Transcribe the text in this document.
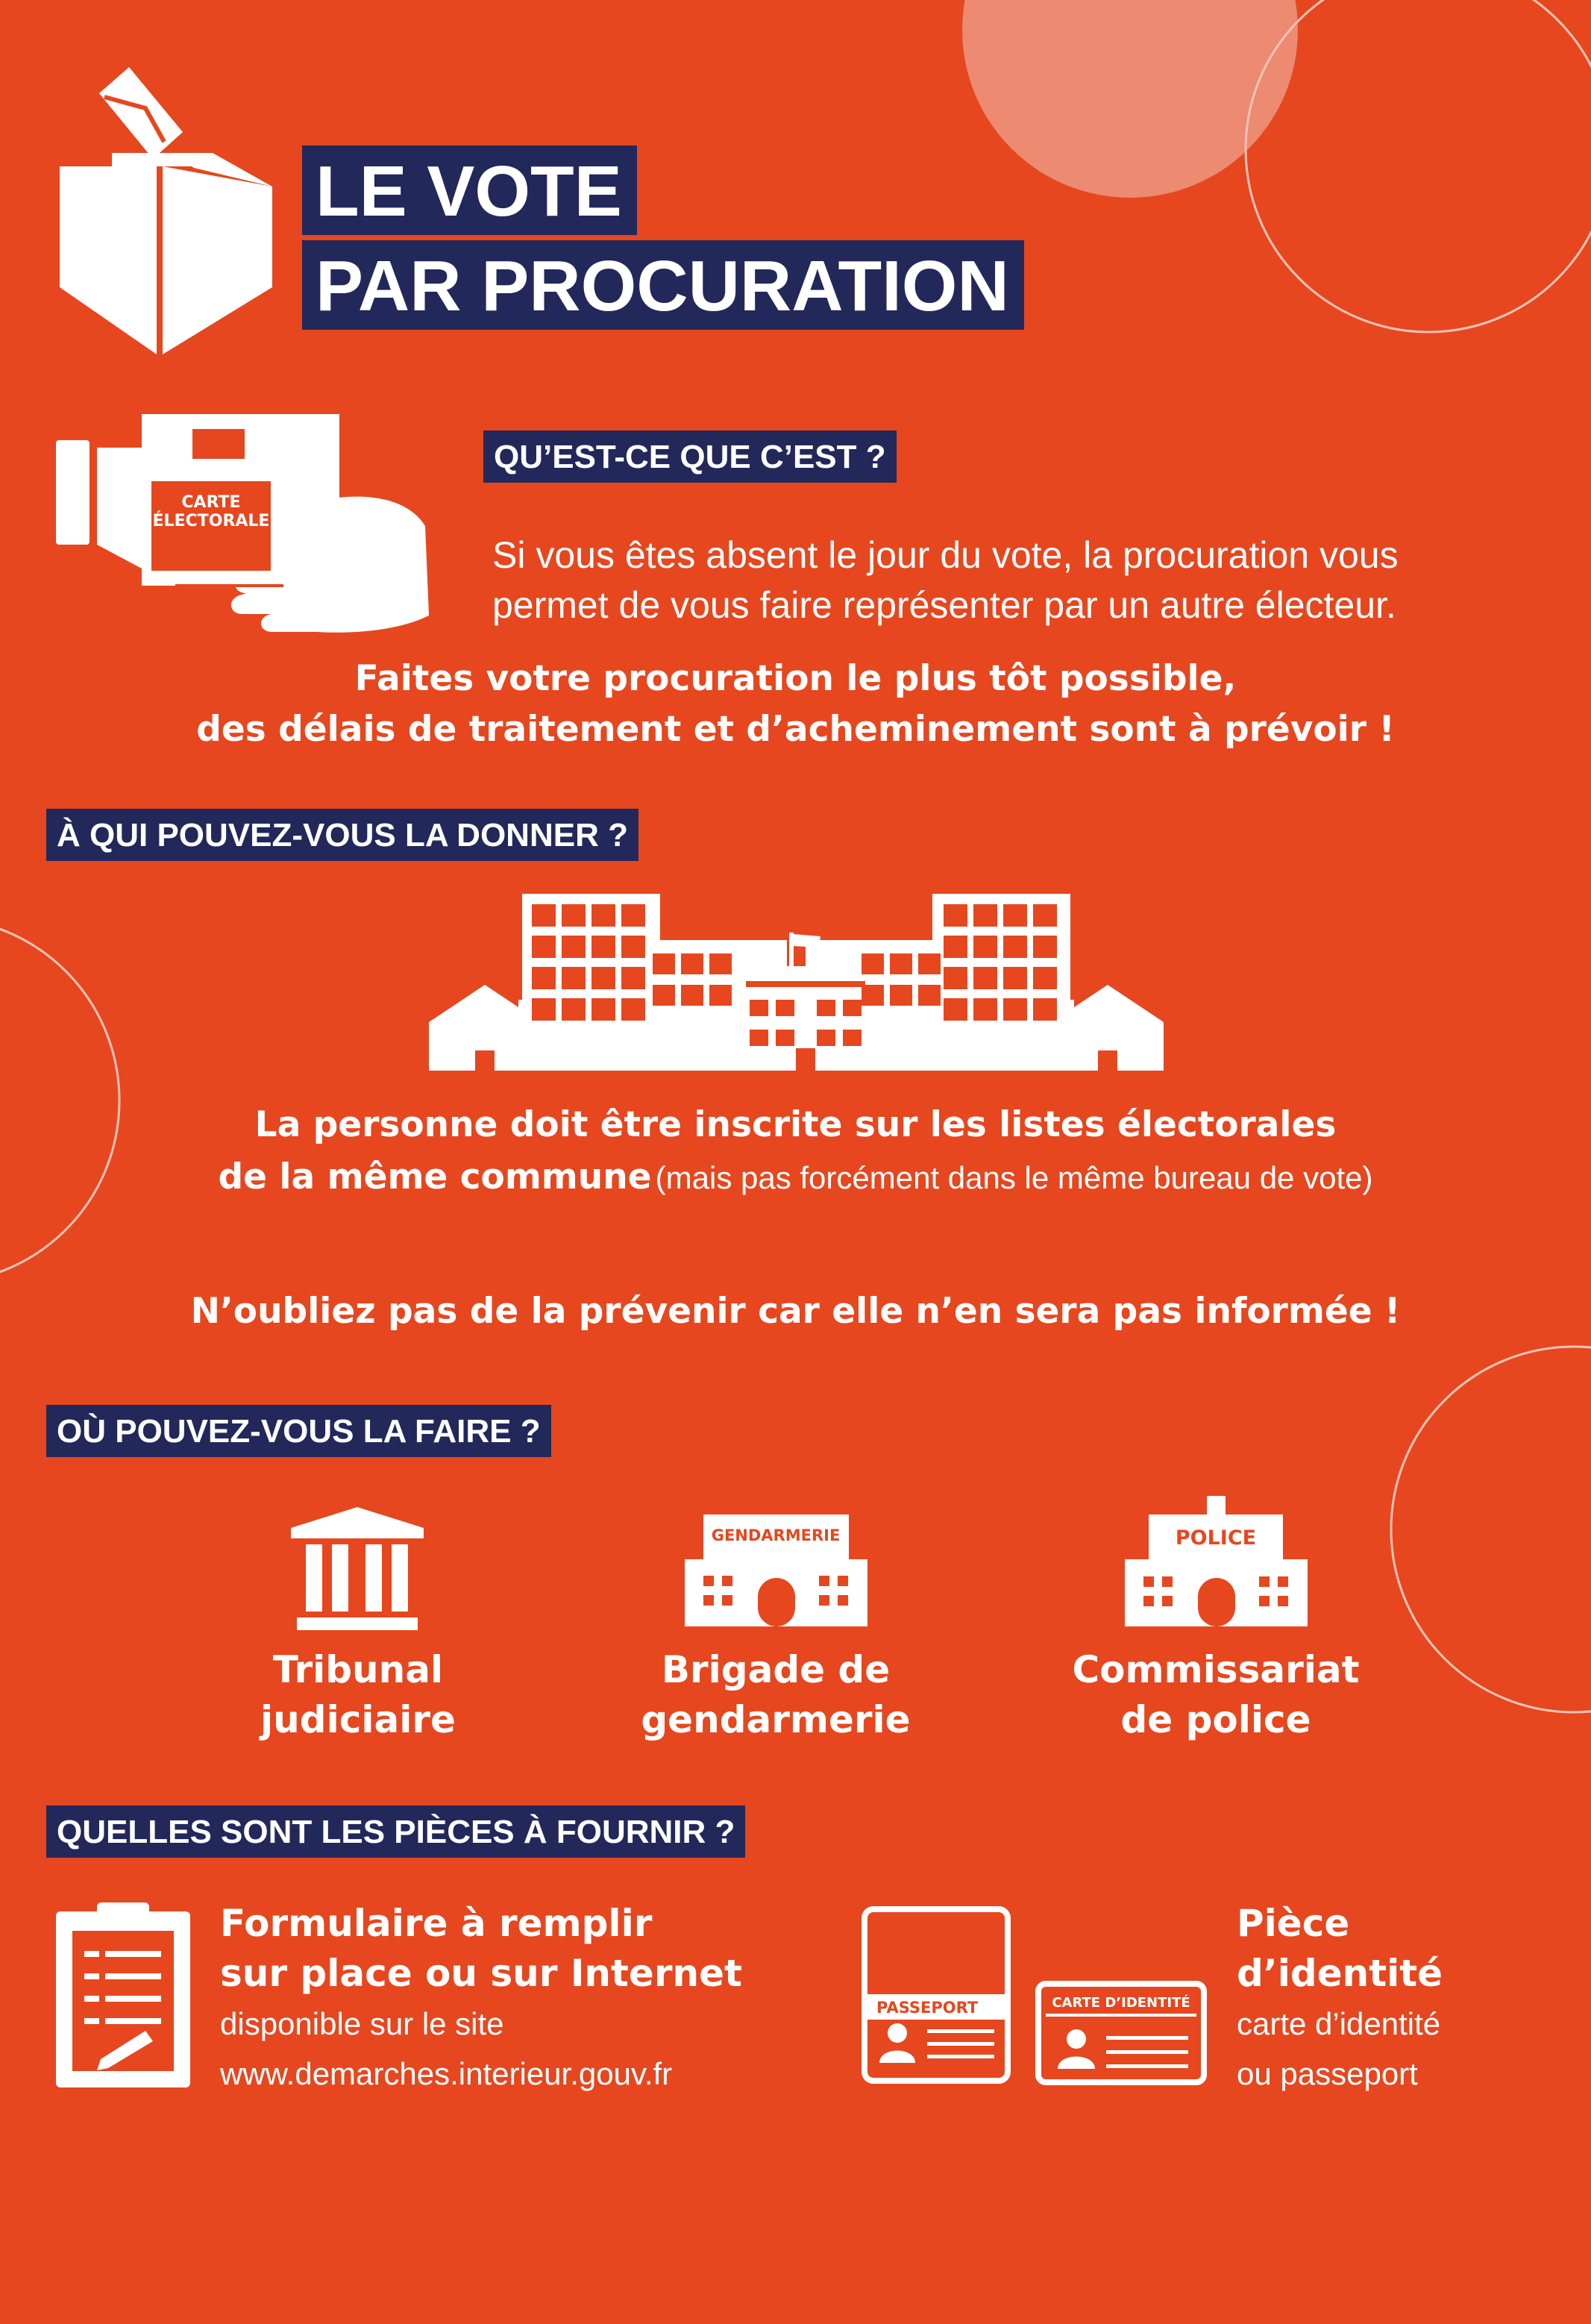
LE VOTE
PAR PROCURATION
CARTE
ÉLECTORALE
QU’EST-CE QUE C’EST ?
Si vous êtes absent le jour du vote, la procuration vous
permet de vous faire représenter par un autre électeur.
Faites votre procuration le plus tôt possible,
des délais de traitement et d’acheminement sont à prévoir !
À QUI POUVEZ-VOUS LA DONNER ?
La personne doit être inscrite sur les listes électorales
de la même commune (mais pas forcément dans le même bureau de vote)
N’oubliez pas de la prévenir car elle n’en sera pas informée !
OÙ POUVEZ-VOUS LA FAIRE ?
GENDARMERIE	POLICE
Tribunal
judiciaire
Brigade de
gendarmerie
Commissariat
de police
QUELLES SONT LES PIÈCES À FOURNIR ?
Formulaire à remplir
sur place ou sur Internet
disponible sur le site
www.demarches.interieur.gouv.fr
PASSEPORT	CARTE D’IDENTITÉ
Pièce
d’identité
carte d’identité
ou passeport
